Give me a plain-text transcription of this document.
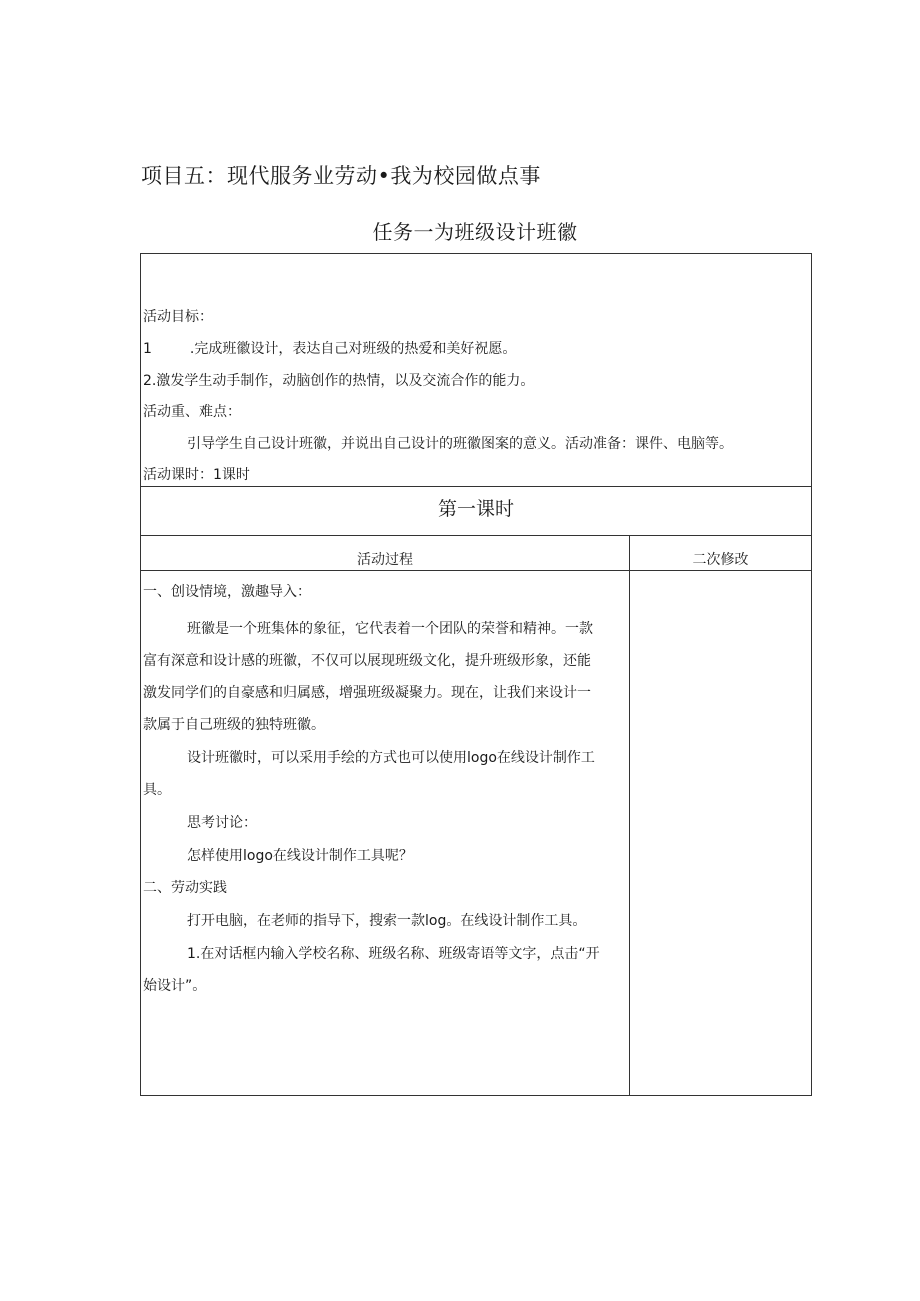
项目五：现代服务业劳动•我为校园做点事
任务一为班级设计班徽
活动目标：
1	.完成班徽设计，表达自己对班级的热爱和美好祝愿。
2.激发学生动手制作，动脑创作的热情，以及交流合作的能力。
活动重、难点：
引导学生自己设计班徽，并说出自己设计的班徽图案的意义。活动准备：课件、电脑等。
活动课时：1课时
第一课时
活动过程	二次修改
一、创设情境，激趣导入：
班徽是一个班集体的象征，它代表着一个团队的荣誉和精神。一款
富有深意和设计感的班徽，不仅可以展现班级文化，提升班级形象，还能
激发同学们的自豪感和归属感，增强班级凝聚力。现在，让我们来设计一
款属于自己班级的独特班徽。
设计班徽时，可以采用手绘的方式也可以使用logo在线设计制作工
具。
思考讨论：
怎样使用logo在线设计制作工具呢？
二、劳动实践
打开电脑，在老师的指导下，搜索一款log。在线设计制作工具。
1.在对话框内输入学校名称、班级名称、班级寄语等文字，点击“开
始设计”。
